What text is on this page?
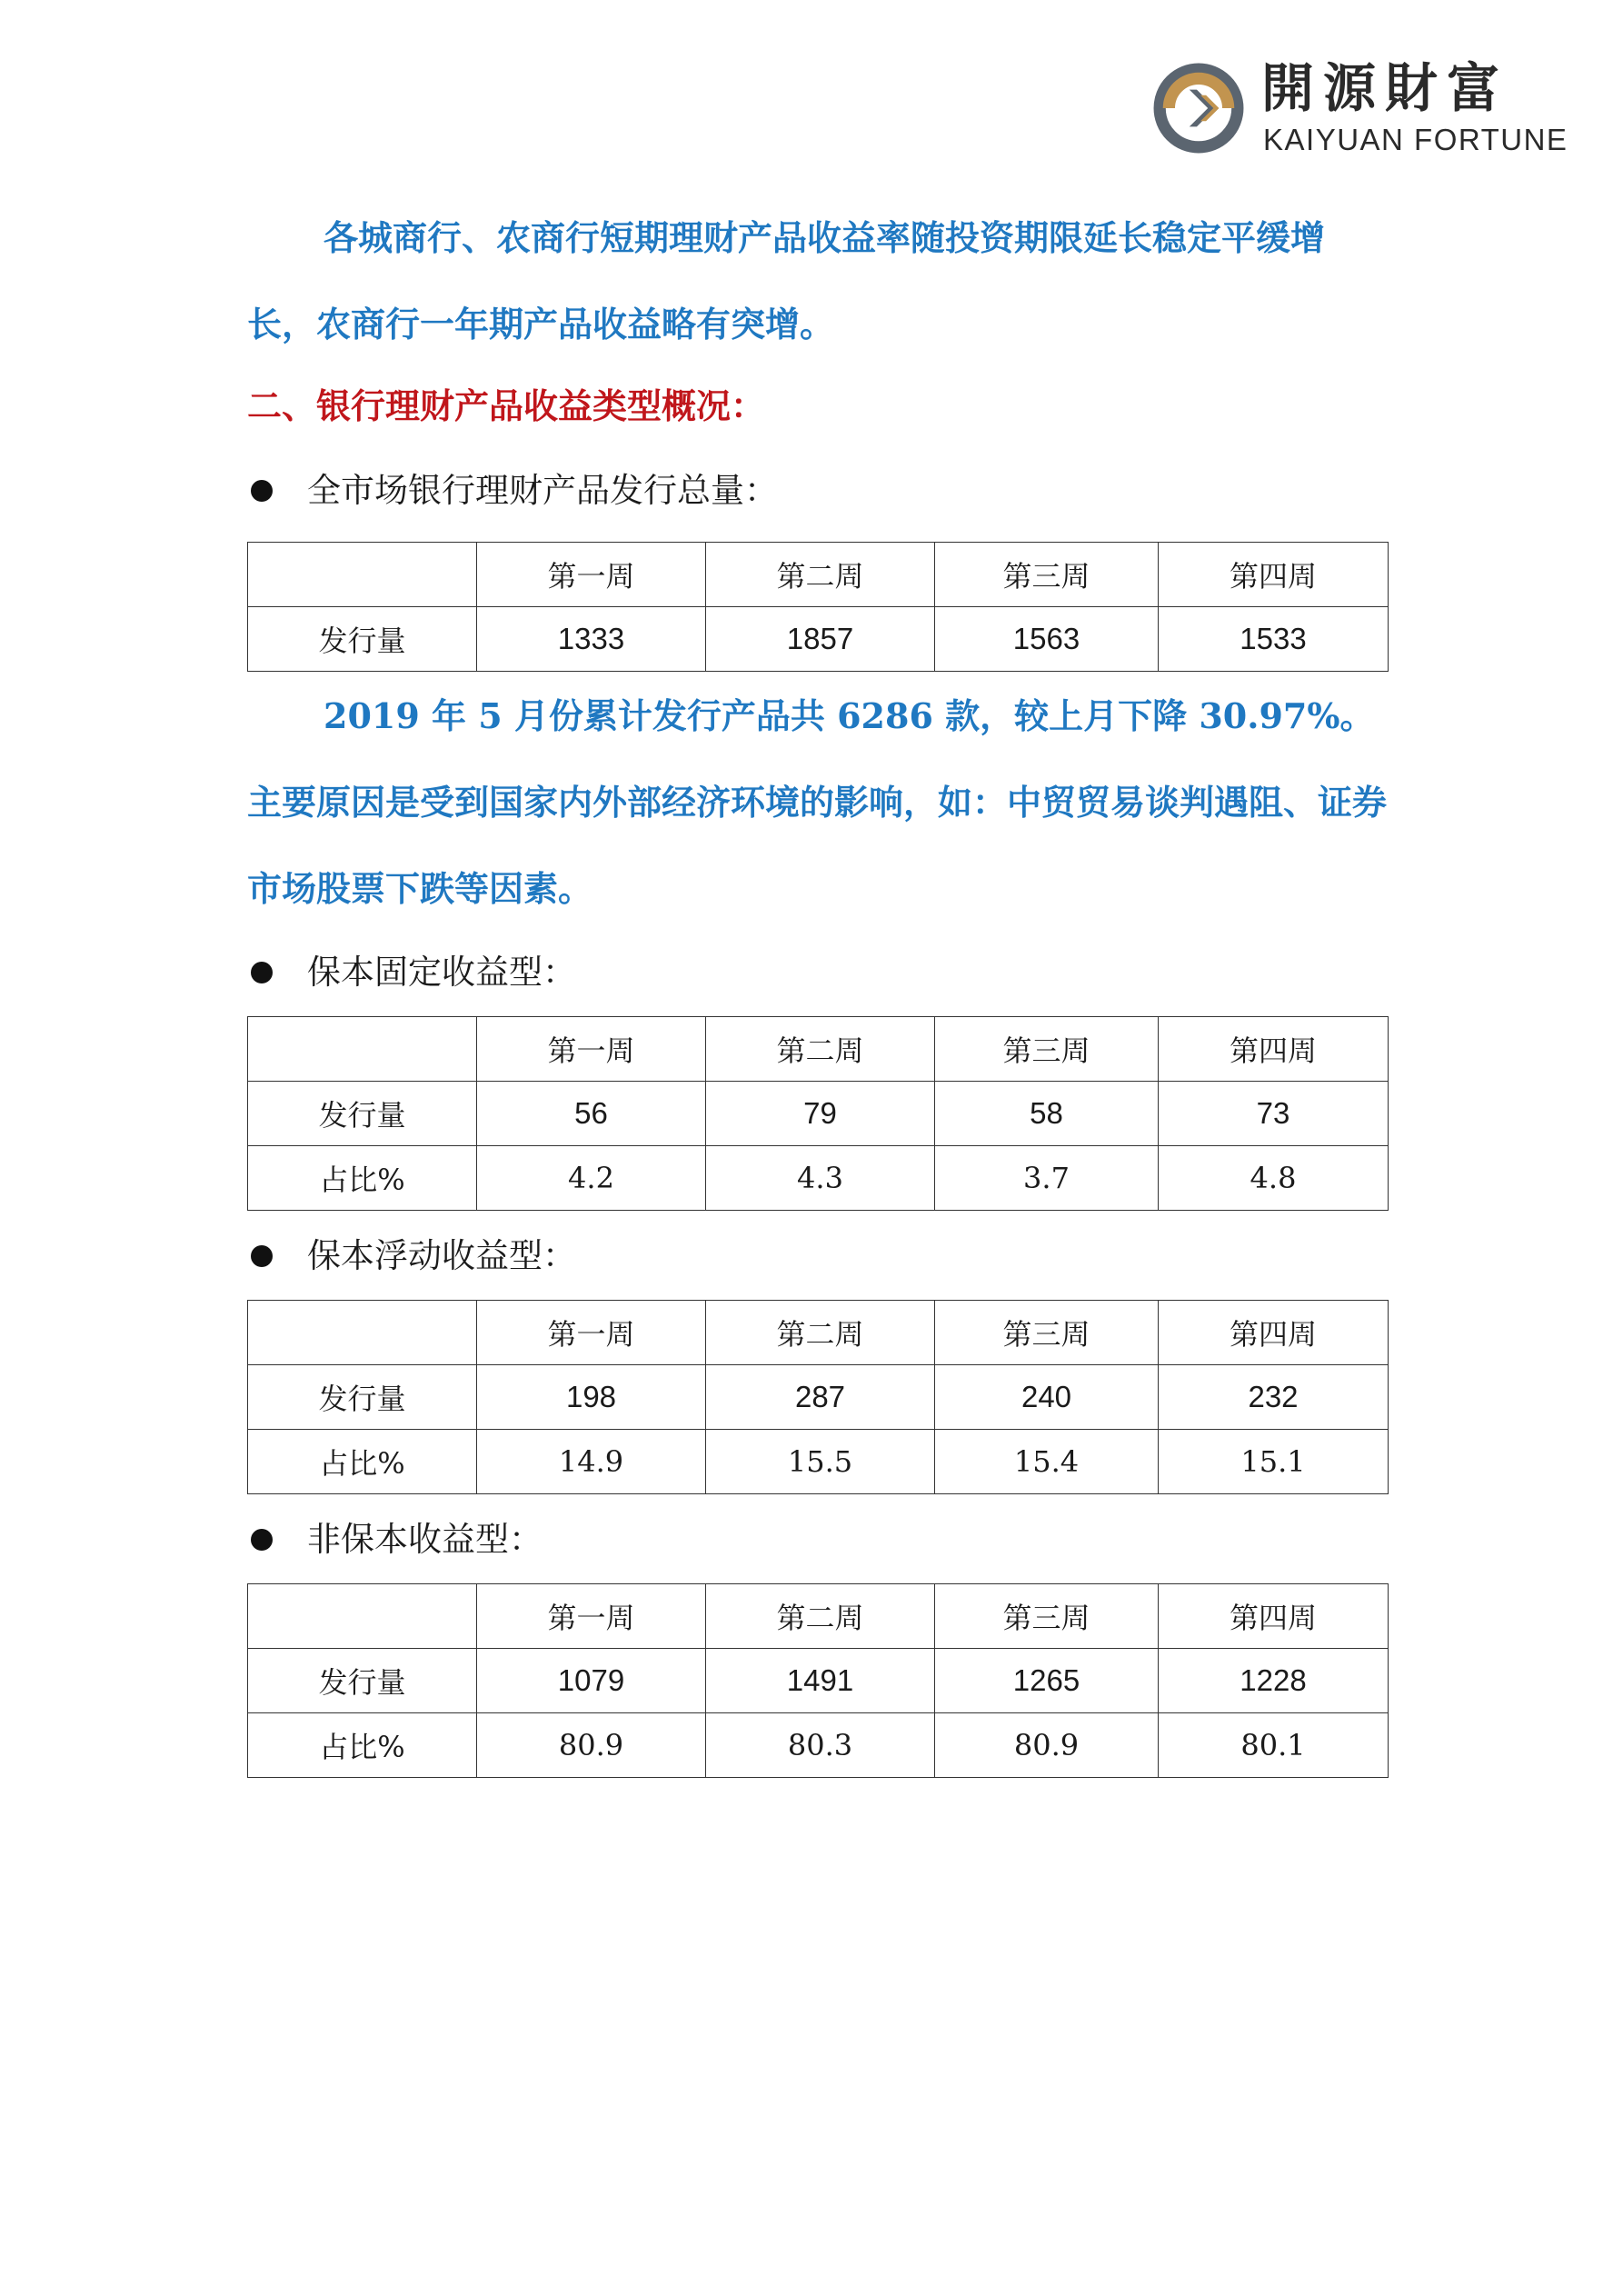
開源財富
KAIYUAN FORTUNE

各城商行、农商行短期理财产品收益率随投资期限延长稳定平缓增长，农商行一年期产品收益略有突增。

二、银行理财产品收益类型概况：

全市场银行理财产品发行总量：
	第一周	第二周	第三周	第四周
发行量	1333	1857	1563	1533

2019 年 5 月份累计发行产品共 6286 款，较上月下降 30.97%。主要原因是受到国家内外部经济环境的影响，如：中贸贸易谈判遇阻、证券市场股票下跌等因素。

保本固定收益型：
	第一周	第二周	第三周	第四周
发行量	56	79	58	73
占比%	4.2	4.3	3.7	4.8
保本浮动收益型：
	第一周	第二周	第三周	第四周
发行量	198	287	240	232
占比%	14.9	15.5	15.4	15.1
非保本收益型：
	第一周	第二周	第三周	第四周
发行量	1079	1491	1265	1228
占比%	80.9	80.3	80.9	80.1
